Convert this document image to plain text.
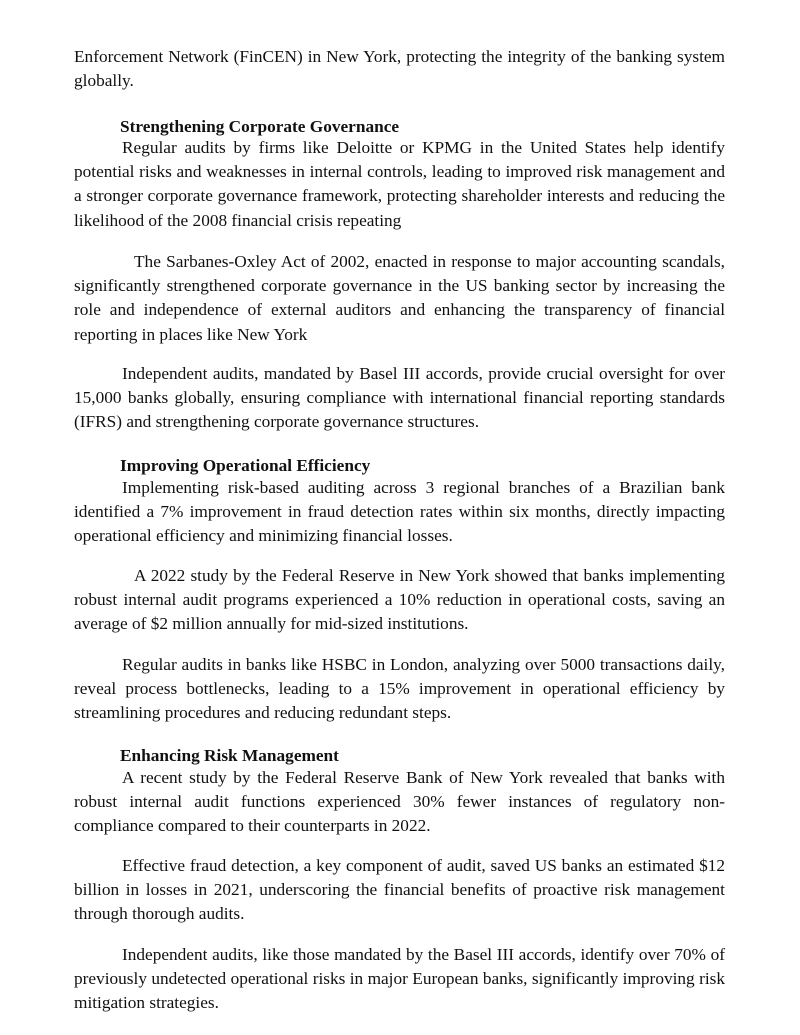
Enforcement Network (FinCEN) in New York, protecting the integrity of the banking system globally.

Strengthening Corporate Governance

Regular audits by firms like Deloitte or KPMG in the United States help identify potential risks and weaknesses in internal controls, leading to improved risk management and a stronger corporate governance framework, protecting shareholder interests and reducing the likelihood of the 2008 financial crisis repeating

The Sarbanes-Oxley Act of 2002, enacted in response to major accounting scandals, significantly strengthened corporate governance in the US banking sector by increasing the role and independence of external auditors and enhancing the transparency of financial reporting in places like New York

Independent audits, mandated by Basel III accords, provide crucial oversight for over 15,000 banks globally, ensuring compliance with international financial reporting standards (IFRS) and strengthening corporate governance structures.

Improving Operational Efficiency

Implementing risk-based auditing across 3 regional branches of a Brazilian bank identified a 7% improvement in fraud detection rates within six months, directly impacting operational efficiency and minimizing financial losses.

A 2022 study by the Federal Reserve in New York showed that banks implementing robust internal audit programs experienced a 10% reduction in operational costs, saving an average of $2 million annually for mid-sized institutions.

Regular audits in banks like HSBC in London, analyzing over 5000 transactions daily, reveal process bottlenecks, leading to a 15% improvement in operational efficiency by streamlining procedures and reducing redundant steps.

Enhancing Risk Management

A recent study by the Federal Reserve Bank of New York revealed that banks with robust internal audit functions experienced 30% fewer instances of regulatory non-compliance compared to their counterparts in 2022.

Effective fraud detection, a key component of audit, saved US banks an estimated $12 billion in losses in 2021, underscoring the financial benefits of proactive risk management through thorough audits.

Independent audits, like those mandated by the Basel III accords, identify over 70% of previously undetected operational risks in major European banks, significantly improving risk mitigation strategies.
